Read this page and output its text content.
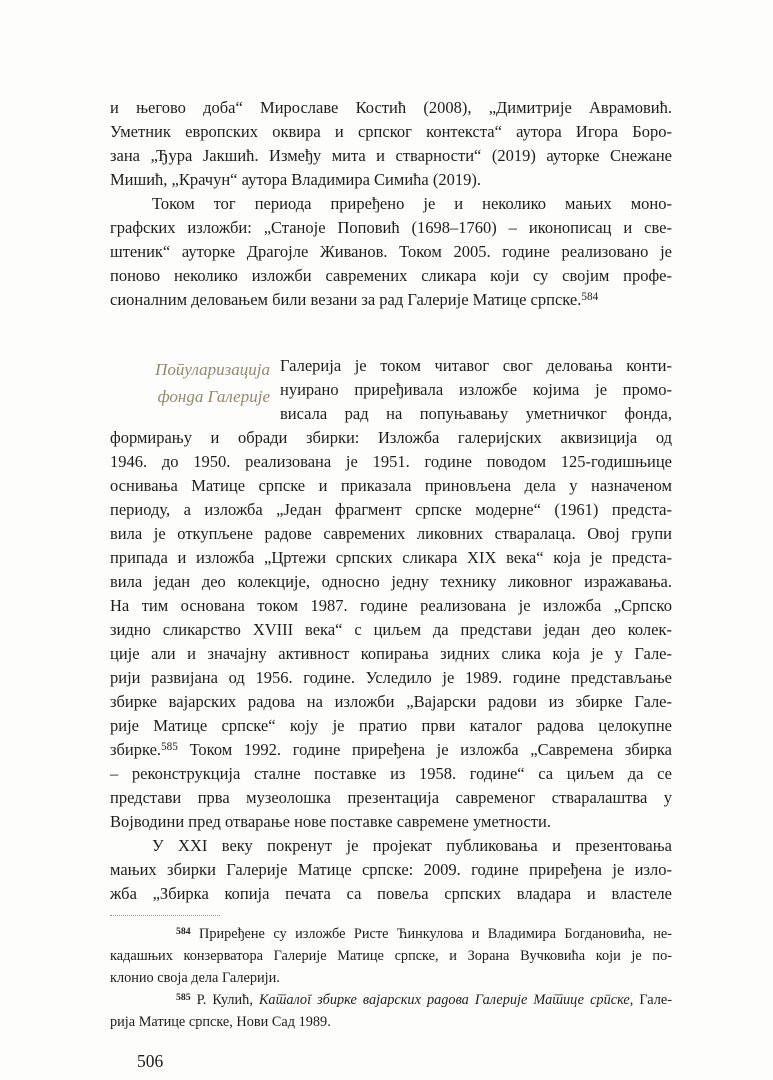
и његово доба“ Мирославе Костић (2008), „Димитрије Аврамовић.
Уметник европских оквира и српског контекста“ аутора Игора Боро-
зана „Ђура Јакшић. Између мита и стварности“ (2019) ауторке Снежане
Мишић, „Крачун“ аутора Владимира Симића (2019).
Током тог периода приређено је и неколико мањих моно-
графских изложби: „Станоје Поповић (1698–1760) – иконописац и све-
штеник“ ауторке Драгојле Живанов. Током 2005. године реализовано је
поново неколико изложби савремених сликара који су својим профе-
сионалним деловањем били везани за рад Галерије Матице српске.$^{584}$
Популаризација
фонда Галерије
Галерија је током читавог свог деловања конти-
нуирано приређивала изложбе којима је промо-
висала рад на попуњавању уметничког фонда,
формирању и обради збирки: Изложба галеријских аквизиција од
1946. до 1950. реализована је 1951. године поводом 125-годишњице
оснивања Матице српске и приказала приновљена дела у назначеном
периоду, а изложба „Један фрагмент српске модерне“ (1961) предста-
вила је откупљене радове савремених ликовних стваралаца. Овој групи
припада и изложба „Цртежи српских сликара XIX века“ која је предста-
вила један део колекције, односно једну технику ликовног изражавања.
На тим основана током 1987. године реализована је изложба „Српско
зидно сликарство XVIII века“ с циљем да представи један део колек-
ције али и значајну активност копирања зидних слика која је у Гале-
рији развијана од 1956. године. Уследило је 1989. године представљање
збирке вајарских радова на изложби „Вајарски радови из збирке Гале-
рије Матице српске“ коју је пратио први каталог радова целокупне
збирке.$^{585}$ Током 1992. године приређена је изложба „Савремена збирка
– реконструкција сталне поставке из 1958. године“ са циљем да се
представи прва музеолошка презентација савременог стваралаштва у
Војводини пред отварање нове поставке савремене уметности.
У XXI веку покренут је пројекат публиковања и презентовања
мањих збирки Галерије Матице српске: 2009. године приређена је изло-
жба „Збирка копија печата са повеља српских владара и властеле
$^{584}$ Приређене су изложбе Ристе Ћинкулова и Владимира Богдановића, не-
кадашњих конзерватора Галерије Матице српске, и Зорана Вучковића који је по-
клонио своја дела Галерији.
$^{585}$ Р. Кулић, Каталог збирке вајарских радова Галерије Матице српске, Гале-
рија Матице српске, Нови Сад 1989.
506
